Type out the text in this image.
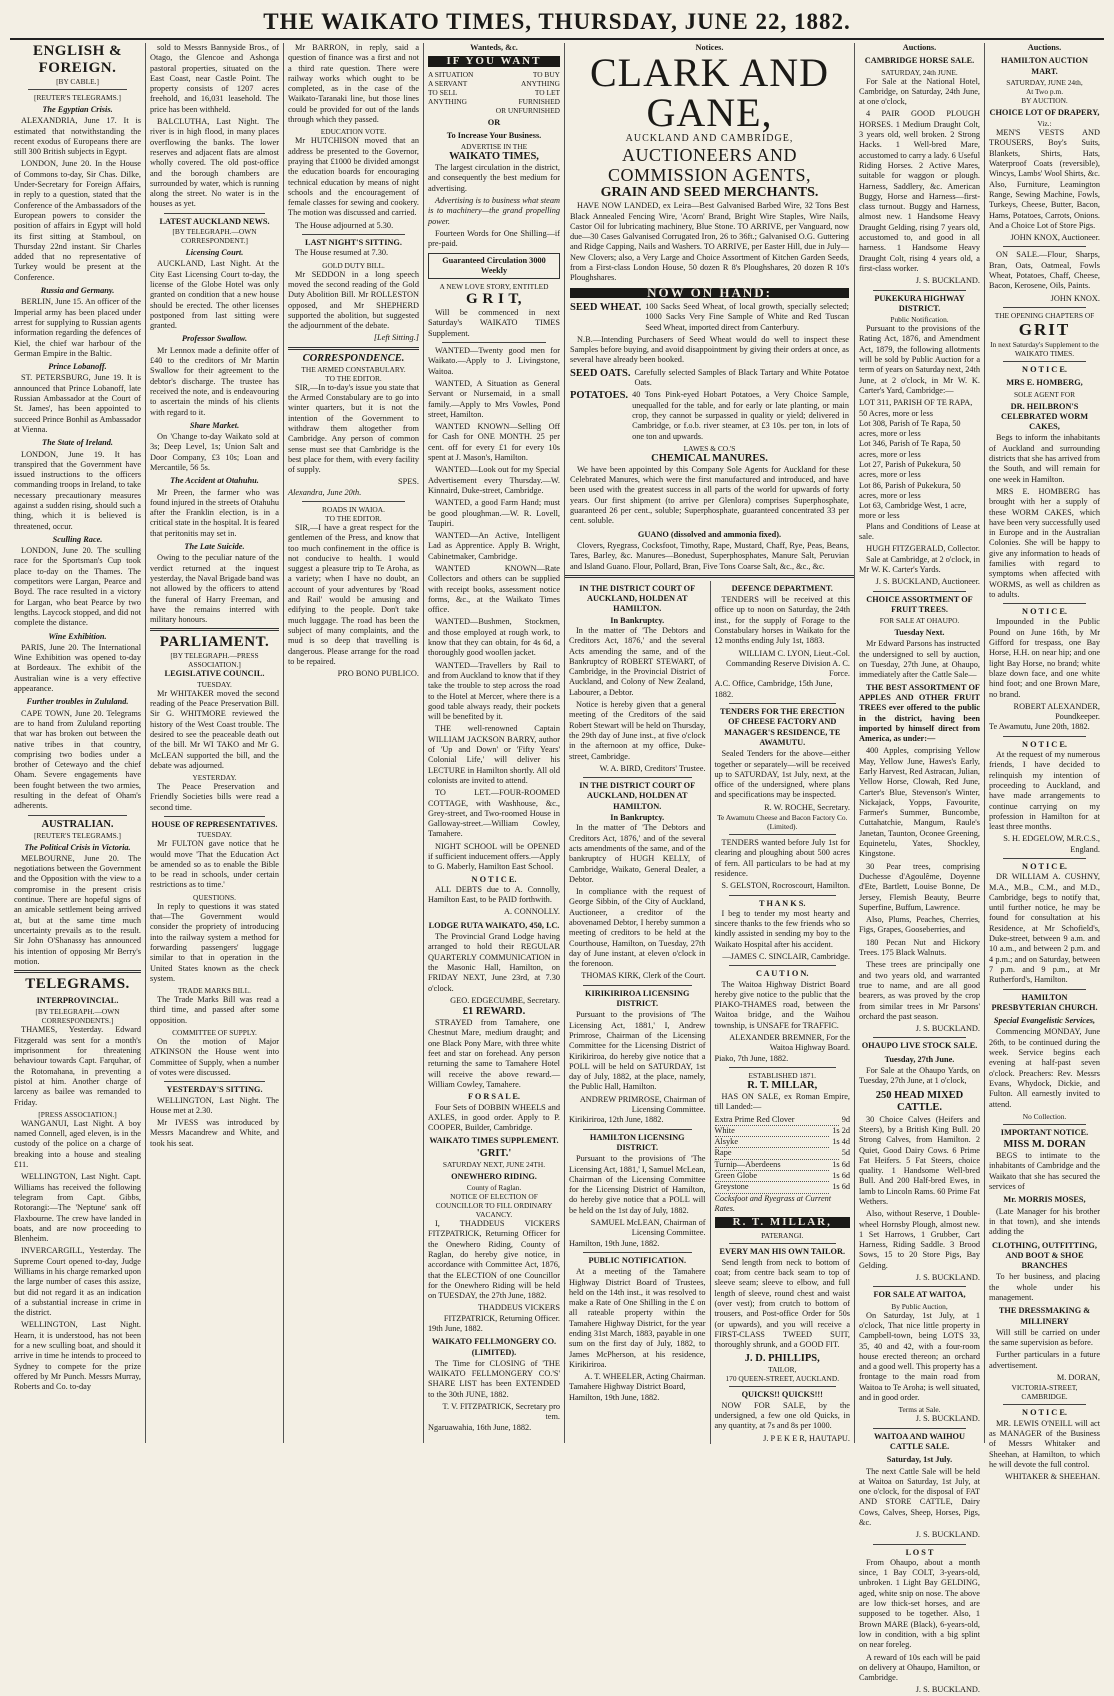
THE WAIKATO TIMES, THURSDAY, JUNE 22, 1882.
ENGLISH & FOREIGN.
[BY CABLE.]
[REUTER'S TELEGRAMS.]
The Egyptian Crisis.

ALEXANDRIA, June 17. It is estimated that notwithstanding the recent exodus of Europeans there are still 300 British subjects in Egypt.

LONDON, June 20. In the House of Commons to-day, Sir Chas. Dilke, Under-Secretary for Foreign Affairs, in reply to a question, stated that the Conference of the Ambassadors of the European powers to consider the position of affairs in Egypt will hold its first sitting at Stamboul, on Thursday 22nd instant. Sir Charles added that no representative of Turkey would be present at the Conference.

Russia and Germany.

BERLIN, June 15. An officer of the Imperial army has been placed under arrest for supplying to Russian agents information regarding the defences of Kiel, the chief war harbour of the German Empire in the Baltic.

Prince Lobanoff.

ST. PETERSBURG, June 19. It is announced that Prince Lobanoff, late Russian Ambassador at the Court of St. James', has been appointed to succeed Prince Bonhil as Ambassador at Vienna.

The State of Ireland.

LONDON, June 19. It has transpired that the Government have issued instructions to the officers commanding troops in Ireland, to take necessary precautionary measures against a sudden rising, should such a thing, which it is believed is threatened, occur.

Sculling Race.

LONDON, June 20. The sculling race for the Sportsman's Cup took place to-day on the Thames. The competitors were Largan, Pearce and Boyd. The race resulted in a victory for Largan, who beat Pearce by two lengths. Laycock stopped, and did not complete the distance.

Wine Exhibition.

PARIS, June 20. The International Wine Exhibition was opened to-day at Bordeaux. The exhibit of the Australian wine is a very effective appearance.

Further troubles in Zululand.

CAPE TOWN, June 20. Telegrams are to hand from Zululand reporting that war has broken out between the native tribes in that country, comprising two bodies under a brother of Cetewayo and the chief Oham. Severe engagements have been fought between the two armies, resulting in the defeat of Oham's adherents.

AUSTRALIAN.
[REUTER'S TELEGRAMS.]
The Political Crisis in Victoria.

MELBOURNE, June 20. The negotiations between the Government and the Opposition with the view to a compromise in the present crisis continue. There are hopeful signs of an amicable settlement being arrived at, but at the same time much uncertainty prevails as to the result. Sir John O'Shanassy has announced his intention of opposing Mr Berry's motion.

TELEGRAMS.
INTERPROVINCIAL.
[BY TELEGRAPH.—OWN CORRESPONDENTS.]

THAMES, Yesterday. Edward Fitzgerald was sent for a month's imprisonment for threatening behaviour towards Capt. Farquhar, of the Rotomahana, in preventing a pistol at him. Another charge of larceny as bailee was remanded to Friday.

[PRESS ASSOCIATION.]

WANGANUI, Last Night. A boy named Connell, aged eleven, is in the custody of the police on a charge of breaking into a house and stealing £11.

WELLINGTON, Last Night. Capt. Williams has received the following telegram from Capt. Gibbs, Rotorangi:—The 'Neptune' sank off Flaxbourne. The crew have landed in boats, and are now proceeding to Blenheim.

INVERCARGILL, Yesterday. The Supreme Court opened to-day, Judge Williams in his charge remarked upon the large number of cases this assize, but did not regard it as an indication of a substantial increase in crime in the district.

WELLINGTON, Last Night. Hearn, it is understood, has not been for a new sculling boat, and should it arrive in time he intends to proceed to Sydney to compete for the prize offered by Mr Punch. Messrs Murray, Roberts and Co. to-day

sold to Messrs Bannyside Bros., of Otago, the Glencoe and Ashonga pastoral properties, situated on the East Coast, near Castle Point. The property consists of 1207 acres freehold, and 16,031 leasehold. The price has been withheld.

BALCLUTHA, Last Night. The river is in high flood, in many places overflowing the banks. The lower reserves and adjacent flats are almost wholly covered. The old post-office and the borough chambers are surrounded by water, which is running along the street. No water is in the houses as yet.

LATEST AUCKLAND NEWS.
[BY TELEGRAPH.—OWN CORRESPONDENT.]
Licensing Court.

AUCKLAND, Last Night. At the City East Licensing Court to-day, the license of the Globe Hotel was only granted on condition that a new house should be erected. The other licenses postponed from last sitting were granted.

Professor Swallow.

Mr Lennox made a definite offer of £40 to the creditors of Mr Martin Swallow for their agreement to the debtor's discharge. The trustee has received the note, and is endeavouring to ascertain the minds of his clients with regard to it.

Share Market.

On 'Change to-day Waikato sold at 3s; Deep Level, 1s; Union Salt and Door Company, £3 10s; Loan and Mercantile, 56 5s.

The Accident at Otahuhu.

Mr Preen, the farmer who was found injured in the streets of Otahuhu after the Franklin election, is in a critical state in the hospital. It is feared that peritonitis may set in.

The Late Suicide.

Owing to the peculiar nature of the verdict returned at the inquest yesterday, the Naval Brigade band was not allowed by the officers to attend the funeral of Harry Freeman, and have the remains interred with military honours.

PARLIAMENT.
[BY TELEGRAPH.—PRESS ASSOCIATION.]
LEGISLATIVE COUNCIL.
TUESDAY.

Mr WHITAKER moved the second reading of the Peace Preservation Bill. Sir G. WHITMORE reviewed the history of the West Coast trouble. The desired to see the peaceable death out of the bill. Mr WI TAKO and Mr G. McLEAN supported the bill, and the debate was adjourned.

YESTERDAY.

The Peace Preservation and Friendly Societies bills were read a second time.

HOUSE OF REPRESENTATIVES.
TUESDAY.

Mr FULTON gave notice that he would move 'That the Education Act be amended so as to enable the Bible to be read in schools, under certain restrictions as to time.'

QUESTIONS.

In reply to questions it was stated that—The Government would consider the propriety of introducing into the railway system a method for forwarding passengers' luggage similar to that in operation in the United States known as the check system.

TRADE MARKS BILL.

The Trade Marks Bill was read a third time, and passed after some opposition.

COMMITTEE OF SUPPLY.

On the motion of Major ATKINSON the House went into Committee of Supply, when a number of votes were discussed.

YESTERDAY'S SITTING.

WELLINGTON, Last Night. The House met at 2.30.

Mr IVESS was introduced by Messrs Macandrew and White, and took his seat.

Mr BARRON, in reply, said a question of finance was a first and not a third rate question. There were railway works which ought to be completed, as in the case of the Waikato-Taranaki line, but those lines could be provided for out of the lands through which they passed.

EDUCATION VOTE.

Mr HUTCHISON moved that an address be presented to the Governor, praying that £1000 be divided amongst the education boards for encouraging technical education by means of night schools and the encouragement of female classes for sewing and cookery. The motion was discussed and carried.

The House adjourned at 5.30.

LAST NIGHT'S SITTING.

The House resumed at 7.30.

GOLD DUTY BILL.

Mr SEDDON in a long speech moved the second reading of the Gold Duty Abolition Bill. Mr ROLLESTON opposed, and Mr SHEPHERD supported the abolition, but suggested the adjournment of the debate.

[Left Sitting.]
CORRESPONDENCE.
THE ARMED CONSTABULARY.
TO THE EDITOR.

SIR,—In to-day's issue you state that the Armed Constabulary are to go into winter quarters, but it is not the intention of the Government to withdraw them altogether from Cambridge. Any person of common sense must see that Cambridge is the best place for them, with every facility of supply.

SPES.
Alexandra, June 20th.
ROADS IN WAIOA.
TO THE EDITOR.

SIR,—I have a great respect for the gentlemen of the Press, and know that too much confinement in the office is not conducive to health. I would suggest a pleasure trip to Te Aroha, as a variety; when I have no doubt, an account of your adventures by 'Road and Rail' would be amusing and edifying to the people. Don't take much luggage. The road has been the subject of many complaints, and the mud is so deep that travelling is dangerous. Please arrange for the road to be repaired.

PRO BONO PUBLICO.
Wanteds, &c.
IF YOU WANT
A SITUATION
A SERVANT
TO SELL ANYTHING
TO BUY ANYTHING
TO LET FURNISHED
OR UNFURNISHED
OR
To Increase Your Business.
ADVERTISE IN THE
WAIKATO TIMES,

The largest circulation in the district, and consequently the best medium for advertising.

Advertising is to business what steam is to machinery—the grand propelling power.

Fourteen Words for One Shilling—if pre-paid.

Guaranteed Circulation 3000 Weekly
A NEW LOVE STORY, ENTITLED
G R I T,

Will be commenced in next Saturday's WAIKATO TIMES Supplement.

WANTED—Twenty good men for Waikato.—Apply to J. Livingstone, Waitoa.

WANTED, A Situation as General Servant or Nursemaid, in a small family.—Apply to Mrs Vowles, Pond street, Hamilton.

WANTED KNOWN—Selling Off for Cash for ONE MONTH. 25 per cent. off for every £1 for every 10s spent at J. Mason's, Hamilton.

WANTED—Look out for my Special Advertisement every Thursday.—W. Kinnaird, Duke-street, Cambridge.

WANTED, a good Farm Hand; must be good ploughman.—W. R. Lovell, Taupiri.

WANTED—An Active, Intelligent Lad as Apprentice. Apply B. Wright, Cabinetmaker, Cambridge.

WANTED KNOWN—Rate Collectors and others can be supplied with receipt books, assessment notice forms, &c., at the Waikato Times office.

WANTED—Bushmen, Stockmen, and those employed at rough work, to know that they can obtain, for 4s 6d, a thoroughly good woollen jacket.

WANTED—Travellers by Rail to and from Auckland to know that if they take the trouble to step across the road to the Hotel at Mercer, where there is a good table always ready, their pockets will be benefited by it.

THE well-renowned Captain WILLIAM JACKSON BARRY, author of 'Up and Down' or 'Fifty Years' Colonial Life,' will deliver his LECTURE in Hamilton shortly. All old colonists are invited to attend.

TO LET.—FOUR-ROOMED COTTAGE, with Washhouse, &c., Grey-street, and Two-roomed House in Galloway-street.—William Cowley, Tamahere.

NIGHT SCHOOL will be OPENED if sufficient inducement offers.—Apply to G. Maberly, Hamilton East School.

N O T I C E.

ALL DEBTS due to A. Connolly, Hamilton East, to be PAID forthwith.

A. CONNOLLY.
LODGE RUTA WAIKATO, 450, I.C.

The Provincial Grand Lodge having arranged to hold their REGULAR QUARTERLY COMMUNICATION in the Masonic Hall, Hamilton, on FRIDAY NEXT, June 23rd, at 7.30 o'clock.

GEO. EDGECUMBE, Secretary.
£1 REWARD.

STRAYED from Tamahere, one Chestnut Mare, medium draught; and one Black Pony Mare, with three white feet and star on forehead. Any person returning the same to Tamahere Hotel will receive the above reward.—William Cowley, Tamahere.

F O R S A L E.

Four Sets of DOBBIN WHEELS and AXLES, in good order. Apply to P. COOPER, Builder, Cambridge.

WAIKATO TIMES SUPPLEMENT.
'GRIT.'
SATURDAY NEXT, JUNE 24TH.
ONEWHERO RIDING.
County of Raglan.
NOTICE OF ELECTION OF COUNCILLOR TO FILL ORDINARY VACANCY.

I, THADDEUS VICKERS FITZPATRICK, Returning Officer for the Onewhero Riding, County of Raglan, do hereby give notice, in accordance with Committee Act, 1876, that the ELECTION of one Councillor for the Onewhero Riding will be held on TUESDAY, the 27th June, 1882.

THADDEUS VICKERS FITZPATRICK, Returning Officer.
19th June, 1882.
WAIKATO FELLMONGERY CO. (LIMITED).

The Time for CLOSING of 'THE WAIKATO FELLMONGERY CO.'S' SHARE LIST has been EXTENDED to the 30th JUNE, 1882.

T. V. FITZPATRICK, Secretary pro tem.
Ngaruawahia, 16th June, 1882.
Notices.
CLARK AND GANE,
AUCKLAND AND CAMBRIDGE,
AUCTIONEERS AND COMMISSION AGENTS,
GRAIN AND SEED MERCHANTS.

HAVE NOW LANDED, ex Leira—Best Galvanised Barbed Wire, 32 Tons Best Black Annealed Fencing Wire, 'Acorn' Brand, Bright Wire Staples, Wire Nails, Castor Oil for lubricating machinery, Blue Stone. TO ARRIVE, per Vanguard, now due—30 Cases Galvanised Corrugated Iron, 26 to 36ft.; Galvanised O.G. Guttering and Ridge Capping, Nails and Washers. TO ARRIVE, per Easter Hill, due in July—New Clovers; also, a Very Large and Choice Assortment of Kitchen Garden Seeds, from a First-class London House, 50 dozen R 8's Ploughshares, 20 dozen R 10's Ploughshares.

NOW ON HAND:
SEED WHEAT. 100 Sacks Seed Wheat, of local growth, specially selected; 1000 Sacks Very Fine Sample of White and Red Tuscan Seed Wheat, imported direct from Canterbury.

N.B.—Intending Purchasers of Seed Wheat would do well to inspect these Samples before buying, and avoid disappointment by giving their orders at once, as several have already been booked.

SEED OATS. Carefully selected Samples of Black Tartary and White Potatoe Oats.

POTATOES. 40 Tons Pink-eyed Hobart Potatoes, a Very Choice Sample, unequalled for the table, and for early or late planting, or main crop, they cannot be surpassed in quality or yield; delivered in Cambridge, or f.o.b. river steamer, at £3 10s. per ton, in lots of one ton and upwards.

LAWES & CO.'S
CHEMICAL MANURES.

We have been appointed by this Company Sole Agents for Auckland for these Celebrated Manures, which were the first manufactured and introduced, and have been used with the greatest success in all parts of the world for upwards of forty years. Our first shipment (to arrive per Glenlora) comprises Superphosphate, guaranteed 26 per cent., soluble; Superphosphate, guaranteed concentrated 33 per cent. soluble.

GUANO (dissolved and ammonia fixed).

Clovers, Ryegrass, Cocksfoot, Timothy, Rape, Mustard, Chaff, Rye, Peas, Beans, Tares, Barley, &c. Manures—Bonedust, Superphosphates, Manure Salt, Peruvian and Island Guano. Flour, Pollard, Bran, Five Tons Coarse Salt, &c., &c., &c.

IN THE DISTRICT COURT OF AUCKLAND, HOLDEN AT HAMILTON.
In Bankruptcy.

In the matter of 'The Debtors and Creditors Act, 1876,' and the several Acts amending the same, and of the Bankruptcy of ROBERT STEWART, of Cambridge, in the Provincial District of Auckland, and Colony of New Zealand, Labourer, a Debtor.

Notice is hereby given that a general meeting of the Creditors of the said Robert Stewart will be held on Thursday, the 29th day of June inst., at five o'clock in the afternoon at my office, Duke-street, Cambridge.

W. A. BIRD, Creditors' Trustee.
IN THE DISTRICT COURT OF AUCKLAND, HOLDEN AT HAMILTON.
In Bankruptcy.

In the matter of 'The Debtors and Creditors Act, 1876,' and of the several acts amendments of the same, and of the bankruptcy of HUGH KELLY, of Cambridge, Waikato, General Dealer, a Debtor.

In compliance with the request of George Sibbin, of the City of Auckland, Auctioneer, a creditor of the abovenamed Debtor, I hereby summon a meeting of creditors to be held at the Courthouse, Hamilton, on Tuesday, 27th day of June instant, at eleven o'clock in the forenoon.

THOMAS KIRK, Clerk of the Court.
KIRIKIRIROA LICENSING DISTRICT.

Pursuant to the provisions of 'The Licensing Act, 1881,' I, Andrew Primrose, Chairman of the Licensing Committee for the Licensing District of Kirikiriroa, do hereby give notice that a POLL will be held on SATURDAY, 1st day of July, 1882, at the place, namely, the Public Hall, Hamilton.

ANDREW PRIMROSE, Chairman of Licensing Committee.
Kirikiriroa, 12th June, 1882.
HAMILTON LICENSING DISTRICT.

Pursuant to the provisions of 'The Licensing Act, 1881,' I, Samuel McLean, Chairman of the Licensing Committee for the Licensing District of Hamilton, do hereby give notice that a POLL will be held on the 1st day of July, 1882.

SAMUEL McLEAN, Chairman of Licensing Committee.
Hamilton, 19th June, 1882.
PUBLIC NOTIFICATION.

At a meeting of the Tamahere Highway District Board of Trustees, held on the 14th inst., it was resolved to make a Rate of One Shilling in the £ on all rateable property within the Tamahere Highway District, for the year ending 31st March, 1883, payable in one sum on the first day of July, 1882, to James McPherson, at his residence, Kirikiriroa.

A. T. WHEELER, Acting Chairman.
Tamahere Highway District Board, Hamilton, 19th June, 1882.
DEFENCE DEPARTMENT.

TENDERS will be received at this office up to noon on Saturday, the 24th inst., for the supply of Forage to the Constabulary horses in Waikato for the 12 months ending July 1st, 1883.

WILLIAM C. LYON, Lieut.-Col. Commanding Reserve Division A. C. Force.
A.C. Office, Cambridge, 15th June, 1882.
TENDERS FOR THE ERECTION OF CHEESE FACTORY AND MANAGER'S RESIDENCE, TE AWAMUTU.

Sealed Tenders for the above—either together or separately—will be received up to SATURDAY, 1st July, next, at the office of the undersigned, where plans and specifications may be inspected.

R. W. ROCHE, Secretary.
Te Awamutu Cheese and Bacon Factory Co. (Limited).

TENDERS wanted before July 1st for clearing and ploughing about 500 acres of fern. All particulars to be had at my residence.

S. GELSTON, Rocroscourt, Hamilton.
T H A N K S.

I beg to tender my most hearty and sincere thanks to the few friends who so kindly assisted in sending my boy to the Waikato Hospital after his accident.

—JAMES C. SINCLAIR, Cambridge.
C A U T I O N.

The Waitoa Highway District Board hereby give notice to the public that the PIAKO-THAMES road, between the Waitoa bridge, and the Waihou township, is UNSAFE for TRAFFIC.

ALEXANDER BREMNER, For the Waitoa Highway Board.
Piako, 7th June, 1882.
ESTABLISHED 1871.
R. T. MILLAR,

HAS ON SALE, ex Roman Empire, till Landed:—

Extra Prime Red Clover	9d
White	1s 2d
Alsyke	1s 4d
Rape	5d
Turnip—Aberdeens	1s 6d
Green Globe	1s 6d
Greystone	1s 6d
Cocksfoot and Ryegrass at Current Rates.
R. T. MILLAR,
PATERANGI.
EVERY MAN HIS OWN TAILOR.

Send length from neck to bottom of coat; from centre back seam to top of sleeve seam; sleeve to elbow, and full length of sleeve, round chest and waist (over vest); from crutch to bottom of trousers, and Post-office Order for 50s (or upwards), and you will receive a FIRST-CLASS TWEED SUIT, thoroughly shrunk, and a GOOD FIT.

J. D. PHILLIPS,
TAILOR,
170 QUEEN-STREET, AUCKLAND.
QUICKS!! QUICKS!!!

NOW FOR SALE, by the undersigned, a few one old Quicks, in any quantity, at 7s and 8s per 1000.

J. P E K E R, HAUTAPU.
Auctions.
CAMBRIDGE HORSE SALE.
SATURDAY, 24th JUNE.

For Sale at the National Hotel, Cambridge, on Saturday, 24th June, at one o'clock,

4 PAIR GOOD PLOUGH HORSES. 1 Medium Draught Colt, 3 years old, well broken. 2 Strong Hacks. 1 Well-bred Mare, accustomed to carry a lady. 6 Useful Riding Horses. 2 Active Mares, suitable for waggon or plough. Harness, Saddlery, &c. American Buggy, Horse and Harness—first-class turnout. Buggy and Harness, almost new. 1 Handsome Heavy Draught Gelding, rising 7 years old, accustomed to, and good in all harness. 1 Handsome Heavy Draught Colt, rising 4 years old, a first-class worker.

J. S. BUCKLAND.
PUKEKURA HIGHWAY DISTRICT.
Public Notification.

Pursuant to the provisions of the Rating Act, 1876, and Amendment Act, 1879, the following allotments will be sold by Public Auction for a term of years on Saturday next, 24th June, at 2 o'clock, in Mr W. K. Carter's Yard, Cambridge:—

LOT 311, PARISH OF TE RAPA, 50 Acres, more or less
Lot 308, Parish of Te Rapa, 50 acres, more or less
Lot 346, Parish of Te Rapa, 50 acres, more or less
Lot 27, Parish of Pukekura, 50 acres, more or less
Lot 86, Parish of Pukekura, 50 acres, more or less
Lot 63, Cambridge West, 1 acre, more or less

Plans and Conditions of Lease at sale.

HUGH FITZGERALD, Collector.

Sale at Cambridge, at 2 o'clock, in Mr W. K. Carter's Yards.

J. S. BUCKLAND, Auctioneer.
CHOICE ASSORTMENT OF FRUIT TREES.
FOR SALE AT OHAUPO.
Tuesday Next.

Mr Edward Parsons has instructed the undersigned to sell by auction, on Tuesday, 27th June, at Ohaupo, immediately after the Cattle Sale—

THE BEST ASSORTMENT OF APPLES AND OTHER FRUIT TREES ever offered to the public in the district, having been imported by himself direct from America, as under:—

400 Apples, comprising Yellow May, Yellow June, Hawes's Early, Early Harvest, Red Astracan, Julian, Yellow Horse, Clowah, Red June, Carter's Blue, Stevenson's Winter, Nickajack, Yopps, Favourite, Farmer's Summer, Buncombe, Cuttahatchie, Mangum, Raule's Janetan, Taunton, Oconee Greening, Equinetelu, Yates, Shockley, Kingstone.

30 Pear trees, comprising Duchesse d'Agoulême, Doyenne d'Ete, Bartlett, Louise Bonne, De Jersey, Flemish Beauty, Beurre Superfine, Buffum, Lawrence.

Also, Plums, Peaches, Cherries, Figs, Grapes, Gooseberries, and

180 Pecan Nut and Hickory Trees. 175 Black Walnuts.

These trees are principally one and two years old, and warranted true to name, and are all good bearers, as was proved by the crop from similar trees in Mr Parsons' orchard the past season.

J. S. BUCKLAND.
OHAUPO LIVE STOCK SALE.
Tuesday, 27th June.

For Sale at the Ohaupo Yards, on Tuesday, 27th June, at 1 o'clock,

250 HEAD MIXED CATTLE.

30 Choice Calves (Heifers and Steers), by a British King Bull. 20 Strong Calves, from Hamilton. 2 Quiet, Good Dairy Cows. 6 Prime Fat Heifers. 5 Fat Steers, choice quality. 1 Handsome Well-bred Bull. And 200 Half-bred Ewes, in lamb to Lincoln Rams. 60 Prime Fat Wethers.

Also, without Reserve, 1 Double-wheel Hornsby Plough, almost new. 1 Set Harrows, 1 Grubber, Cart Harness, Riding Saddle. 3 Brood Sows, 15 to 20 Store Pigs, Bay Gelding.

J. S. BUCKLAND.
FOR SALE AT WAITOA,
By Public Auction,

On Saturday, 1st July, at 1 o'clock, That nice little property in Campbell-town, being LOTS 33, 35, 40 and 42, with a four-room house erected thereon; an orchard and a good well. This property has a frontage to the main road from Waitoa to Te Aroha; is well situated, and in good order.

Terms at Sale.
J. S. BUCKLAND.
WAITOA AND WAIHOU CATTLE SALE.
Saturday, 1st July.

The next Cattle Sale will be held at Waitoa on Saturday, 1st July, at one o'clock, for the disposal of FAT AND STORE CATTLE, Dairy Cows, Calves, Sheep, Horses, Pigs, &c.

J. S. BUCKLAND.
L O S T

From Ohaupo, about a month since, 1 Bay COLT, 3-years-old, unbroken. 1 Light Bay GELDING, aged, white snip on nose. The above are low thick-set horses, and are supposed to be together. Also, 1 Brown MARE (Black), 6-years-old, low in condition, with a big splint on near foreleg.

A reward of 10s each will be paid on delivery at Ohaupo, Hamilton, or Cambridge.

J. S. BUCKLAND.
Auctions.
HAMILTON AUCTION MART.
SATURDAY, JUNE 24th,
At Two p.m.
BY AUCTION.
CHOICE LOT OF DRAPERY,
Viz.:

MEN'S VESTS AND TROUSERS, Boy's Suits, Blankets, Shirts, Hats, Waterproof Coats (reversible), Wincys, Lambs' Wool Shirts, &c. Also, Furniture, Leamington Range, Sewing Machine, Fowls, Turkeys, Cheese, Butter, Bacon, Hams, Potatoes, Carrots, Onions. And a Choice Lot of Store Pigs.

JOHN KNOX, Auctioneer.

ON SALE.—Flour, Sharps, Bran, Oats, Oatmeal, Fowls Wheat, Potatoes, Chaff, Cheese, Bacon, Kerosene, Oils, Paints.

JOHN KNOX.
THE OPENING CHAPTERS OF
GRIT
In next Saturday's Supplement to the WAIKATO TIMES.
N O T I C E.
MRS E. HOMBERG,
SOLE AGENT FOR
DR. HEILBRON'S CELEBRATED WORM CAKES,

Begs to inform the inhabitants of Auckland and surrounding districts that she has arrived from the South, and will remain for one week in Hamilton.

MRS E. HOMBERG has brought with her a supply of these WORM CAKES, which have been very successfully used in Europe and in the Australian Colonies. She will be happy to give any information to heads of families with regard to symptoms when affected with WORMS, as well as children as to adults.

N O T I C E.

Impounded in the Public Pound on June 16th, by Mr Gifford for trespass, one Bay Horse, H.H. on near hip; and one light Bay Horse, no brand; white blaze down face, and one white hind foot; and one Brown Mare, no brand.

ROBERT ALEXANDER, Poundkeeper.
Te Awamutu, June 20th, 1882.
N O T I C E.

At the request of my numerous friends, I have decided to relinquish my intention of proceeding to Auckland, and have made arrangements to continue carrying on my profession in Hamilton for at least three months.

S. H. EDGELOW, M.R.C.S., England.
N O T I C E.

DR WILLIAM A. CUSHNY, M.A., M.B., C.M., and M.D., Cambridge, begs to notify that, until further notice, he may be found for consultation at his Residence, at Mr Schofield's, Duke-street, between 9 a.m. and 10 a.m., and between 2 p.m. and 4 p.m.; and on Saturday, between 7 p.m. and 9 p.m., at Mr Rutherford's, Hamilton.

HAMILTON PRESBYTERIAN CHURCH.
Special Evangelistic Services,

Commencing MONDAY, June 26th, to be continued during the week. Service begins each evening at half-past seven o'clock. Preachers: Rev. Messrs Evans, Whydock, Dickie, and Fulton. All earnestly invited to attend.

No Collection.
IMPORTANT NOTICE.
MISS M. DORAN

BEGS to intimate to the inhabitants of Cambridge and the Waikato that she has secured the services of

Mr. MORRIS MOSES,

(Late Manager for his brother in that town), and she intends adding the

CLOTHING, OUTFITTING, AND BOOT & SHOE BRANCHES

To her business, and placing the whole under his management.

THE DRESSMAKING & MILLINERY

Will still be carried on under the same supervision as before.

Further particulars in a future advertisement.

M. DORAN,
VICTORIA-STREET, CAMBRIDGE.
N O T I C E.

MR. LEWIS O'NEILL will act as MANAGER of the Business of Messrs Whitaker and Sheehan, at Hamilton, to which he will devote the full control.

WHITAKER & SHEEHAN.
